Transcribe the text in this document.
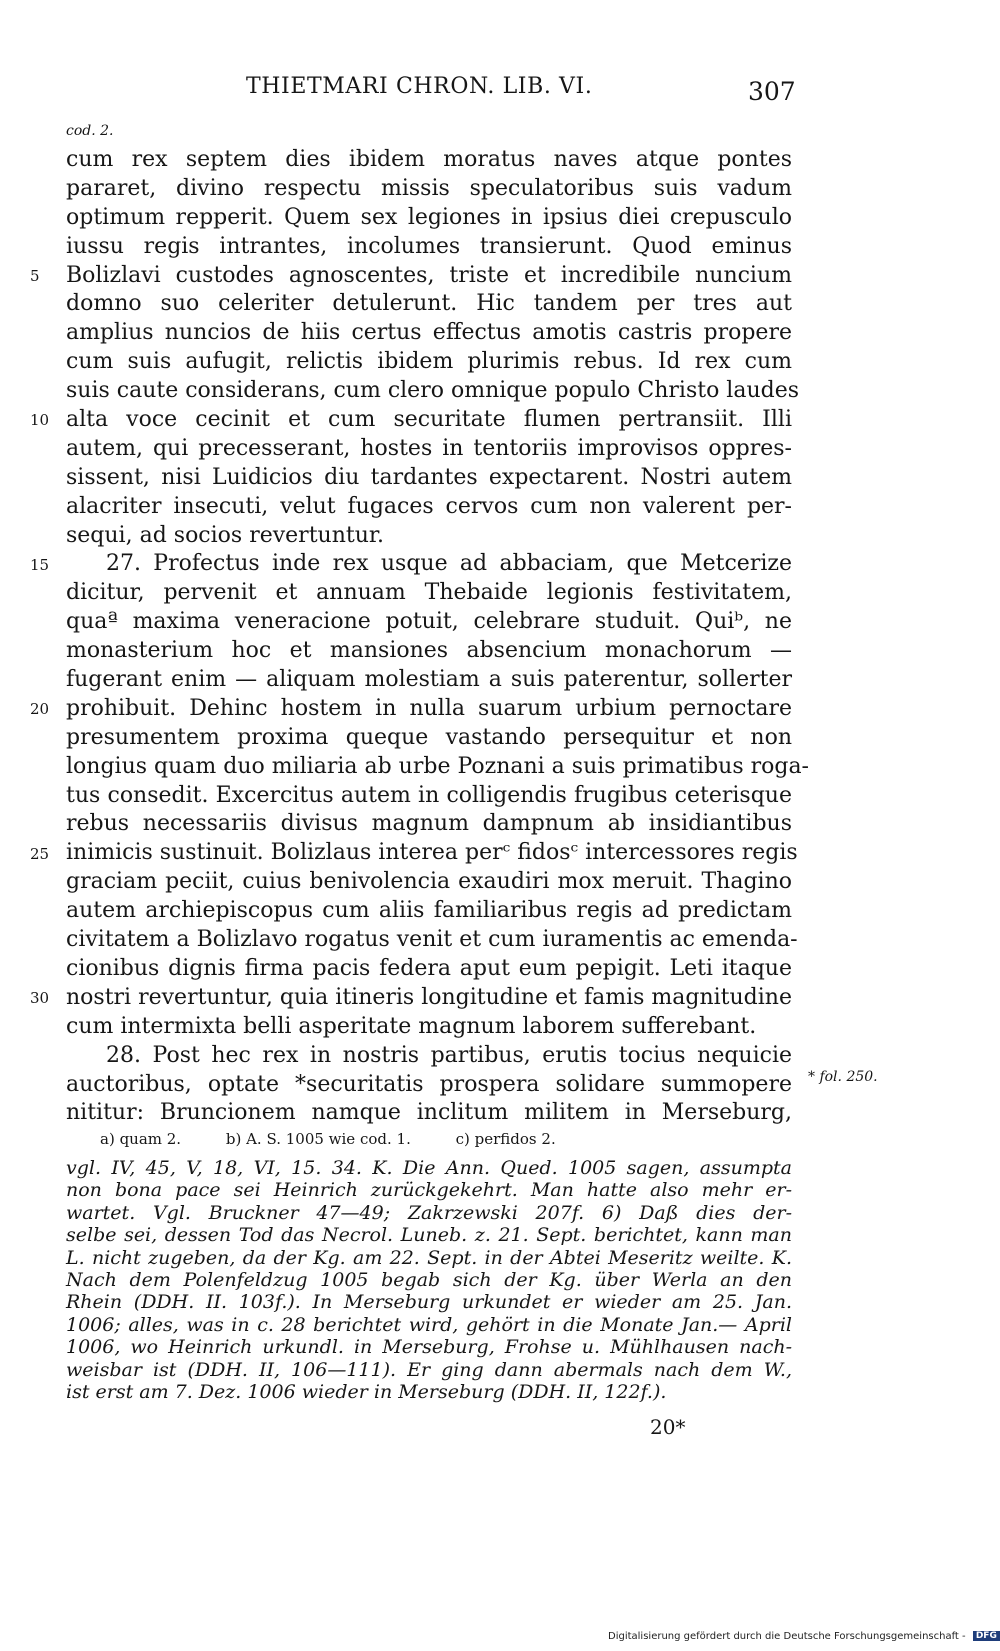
THIETMARI CHRON. LIB. VI.	307
cod. 2.
5
10
15
20
25
30
cum rex septem dies ibidem moratus naves atque pontes
pararet, divino respectu missis speculatoribus suis vadum
optimum repperit. Quem sex legiones in ipsius diei crepusculo
iussu regis intrantes, incolumes transierunt. Quod eminus
Bolizlavi custodes agnoscentes, triste et incredibile nuncium
domno suo celeriter detulerunt. Hic tandem per tres aut
amplius nuncios de hiis certus effectus amotis castris propere
cum suis aufugit, relictis ibidem plurimis rebus. Id rex cum
suis caute considerans, cum clero omnique populo Christo laudes
alta voce cecinit et cum securitate flumen pertransiit. Illi
autem, qui precesserant, hostes in tentoriis improvisos oppres-
sissent, nisi Luidicios diu tardantes expectarent. Nostri autem
alacriter insecuti, velut fugaces cervos cum non valerent per-
sequi, ad socios revertuntur.
27. Profectus inde rex usque ad abbaciam, que Metcerize
dicitur, pervenit et annuam Thebaide legionis festivitatem,
quaª maxima veneracione potuit, celebrare studuit. Quiᵇ, ne
monasterium hoc et mansiones absencium monachorum —
fugerant enim — aliquam molestiam a suis paterentur, sollerter
prohibuit. Dehinc hostem in nulla suarum urbium pernoctare
presumentem proxima queque vastando persequitur et non
longius quam duo miliaria ab urbe Poznani a suis primatibus roga-
tus consedit. Excercitus autem in colligendis frugibus ceterisque
rebus necessariis divisus magnum dampnum ab insidiantibus
inimicis sustinuit. Bolizlaus interea perᶜ fidosᶜ intercessores regis
graciam peciit, cuius benivolencia exaudiri mox meruit. Thagino
autem archiepiscopus cum aliis familiaribus regis ad predictam
civitatem a Bolizlavo rogatus venit et cum iuramentis ac emenda-
cionibus dignis firma pacis federa aput eum pepigit. Leti itaque
nostri revertuntur, quia itineris longitudine et famis magnitudine
cum intermixta belli asperitate magnum laborem sufferebant.
28. Post hec rex in nostris partibus, erutis tocius nequicie
auctoribus, optate *securitatis prospera solidare summopere
nititur: Bruncionem namque inclitum militem in Merseburg,
* fol. 250.
a) quam 2.	b) A. S. 1005 wie cod. 1.	c) perfidos 2.
vgl. IV, 45, V, 18, VI, 15. 34. K. Die Ann. Qued. 1005 sagen, assumpta
non bona pace sei Heinrich zurückgekehrt. Man hatte also mehr er-
wartet. Vgl. Bruckner 47—49; Zakrzewski 207f. 6) Daß dies der-
selbe sei, dessen Tod das Necrol. Luneb. z. 21. Sept. berichtet, kann man
L. nicht zugeben, da der Kg. am 22. Sept. in der Abtei Meseritz weilte. K.
Nach dem Polenfeldzug 1005 begab sich der Kg. über Werla an den
Rhein (DDH. II. 103f.). In Merseburg urkundet er wieder am 25. Jan.
1006; alles, was in c. 28 berichtet wird, gehört in die Monate Jan.— April
1006, wo Heinrich urkundl. in Merseburg, Frohse u. Mühlhausen nach-
weisbar ist (DDH. II, 106—111). Er ging dann abermals nach dem W.,
ist erst am 7. Dez. 1006 wieder in Merseburg (DDH. II, 122f.).
20*
Digitalisierung gefördert durch die Deutsche Forschungsgemeinschaft - DFG
